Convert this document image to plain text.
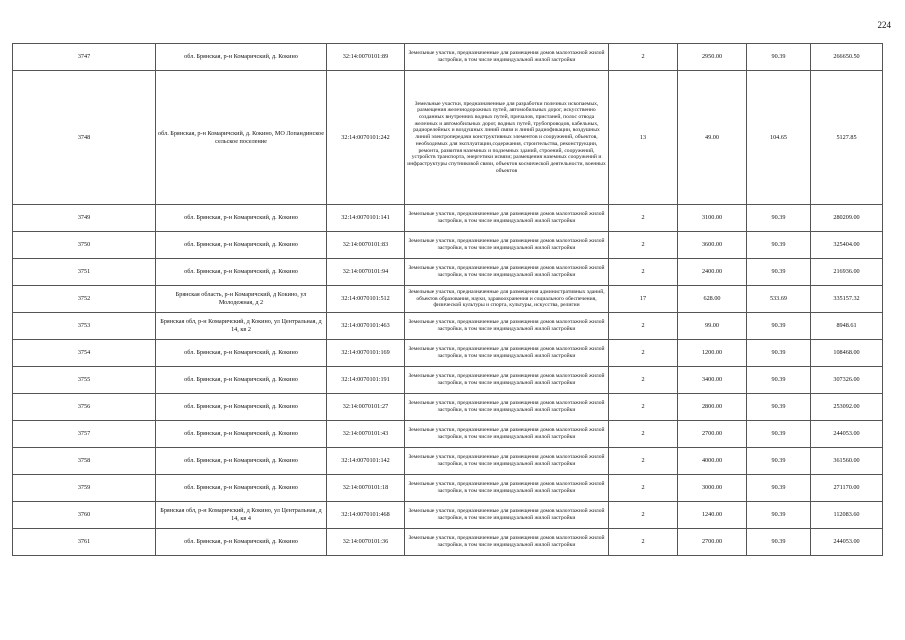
224
3747	обл. Брянская, р-н Комаричский, д. Кокино	32:14:0070101:89	Земельные участки, предназначенные для размещения домов малоэтажной жилой застройки, в том числе индивидуальной жилой застройки	2	2950.00	90.39	266650.50
3748	обл. Брянская, р-н Комаричский, д. Кокино, МО Лопандинское сельское поселение	32:14:0070101:242	Земельные участки, предназначенные для разработки полезных ископаемых, размещения железнодорожных путей, автомобильных дорог, искусственно созданных внутренних водных путей, причалов, пристаней, полос отвода железных и автомобильных дорог, водных путей, трубопроводов, кабельных, радиорелейных и воздушных линий связи и линий радиофикации, воздушных линий электропередачи конструктивных элементов и сооружений, объектов, необходимых для эксплуатации,содержания, строительства, реконструкции, ремонта, развития наземных и подземных зданий, строений, сооружений, устройств транспорта, энергетики исвязи; размещения наземных сооружений и инфраструктуры спутниковой связи, объектов космической деятельности, военных объектов	13	49.00	104.65	5127.85
3749	обл. Брянская, р-н Комаричский, д. Кокино	32:14:0070101:141	Земельные участки, предназначенные для размещения домов малоэтажной жилой застройки, в том числе индивидуальной жилой застройки	2	3100.00	90.39	280209.00
3750	обл. Брянская, р-н Комаричский, д. Кокино	32:14:0070101:83	Земельные участки, предназначенные для размещения домов малоэтажной жилой застройки, в том числе индивидуальной жилой застройки	2	3600.00	90.39	325404.00
3751	обл. Брянская, р-н Комаричский, д. Кокино	32:14:0070101:94	Земельные участки, предназначенные для размещения домов малоэтажной жилой застройки, в том числе индивидуальной жилой застройки	2	2400.00	90.39	216936.00
3752	Брянская область, р-н Комаричский, д Кокино, ул Молодежная, д 2	32:14:0070101:512	Земельные участки, предназначенные для размещения административных зданий, объектов образования, науки, здравоохранения и социального обеспечения, физической культуры и спорта, культуры, искусства, религии	17	628.00	533.69	335157.32
3753	Брянская обл, р-н Комаричский, д Кокино, ул Центральная, д 14, кв 2	32:14:0070101:463	Земельные участки, предназначенные для размещения домов малоэтажной жилой застройки, в том числе индивидуальной жилой застройки	2	99.00	90.39	8948.61
3754	обл. Брянская, р-н Комаричский, д. Кокино	32:14:0070101:169	Земельные участки, предназначенные для размещения домов малоэтажной жилой застройки, в том числе индивидуальной жилой застройки	2	1200.00	90.39	108468.00
3755	обл. Брянская, р-н Комаричский, д. Кокино	32:14:0070101:191	Земельные участки, предназначенные для размещения домов малоэтажной жилой застройки, в том числе индивидуальной жилой застройки	2	3400.00	90.39	307326.00
3756	обл. Брянская, р-н Комаричский, д. Кокино	32:14:0070101:27	Земельные участки, предназначенные для размещения домов малоэтажной жилой застройки, в том числе индивидуальной жилой застройки	2	2800.00	90.39	253092.00
3757	обл. Брянская, р-н Комаричский, д. Кокино	32:14:0070101:43	Земельные участки, предназначенные для размещения домов малоэтажной жилой застройки, в том числе индивидуальной жилой застройки	2	2700.00	90.39	244053.00
3758	обл. Брянская, р-н Комаричский, д. Кокино	32:14:0070101:142	Земельные участки, предназначенные для размещения домов малоэтажной жилой застройки, в том числе индивидуальной жилой застройки	2	4000.00	90.39	361560.00
3759	обл. Брянская, р-н Комаричский, д. Кокино	32:14:0070101:18	Земельные участки, предназначенные для размещения домов малоэтажной жилой застройки, в том числе индивидуальной жилой застройки	2	3000.00	90.39	271170.00
3760	Брянская обл, р-н Комаричский, д Кокино, ул Центральная, д 14, кв 4	32:14:0070101:468	Земельные участки, предназначенные для размещения домов малоэтажной жилой застройки, в том числе индивидуальной жилой застройки	2	1240.00	90.39	112083.60
3761	обл. Брянская, р-н Комаричский, д. Кокино	32:14:0070101:36	Земельные участки, предназначенные для размещения домов малоэтажной жилой застройки, в том числе индивидуальной жилой застройки	2	2700.00	90.39	244053.00
